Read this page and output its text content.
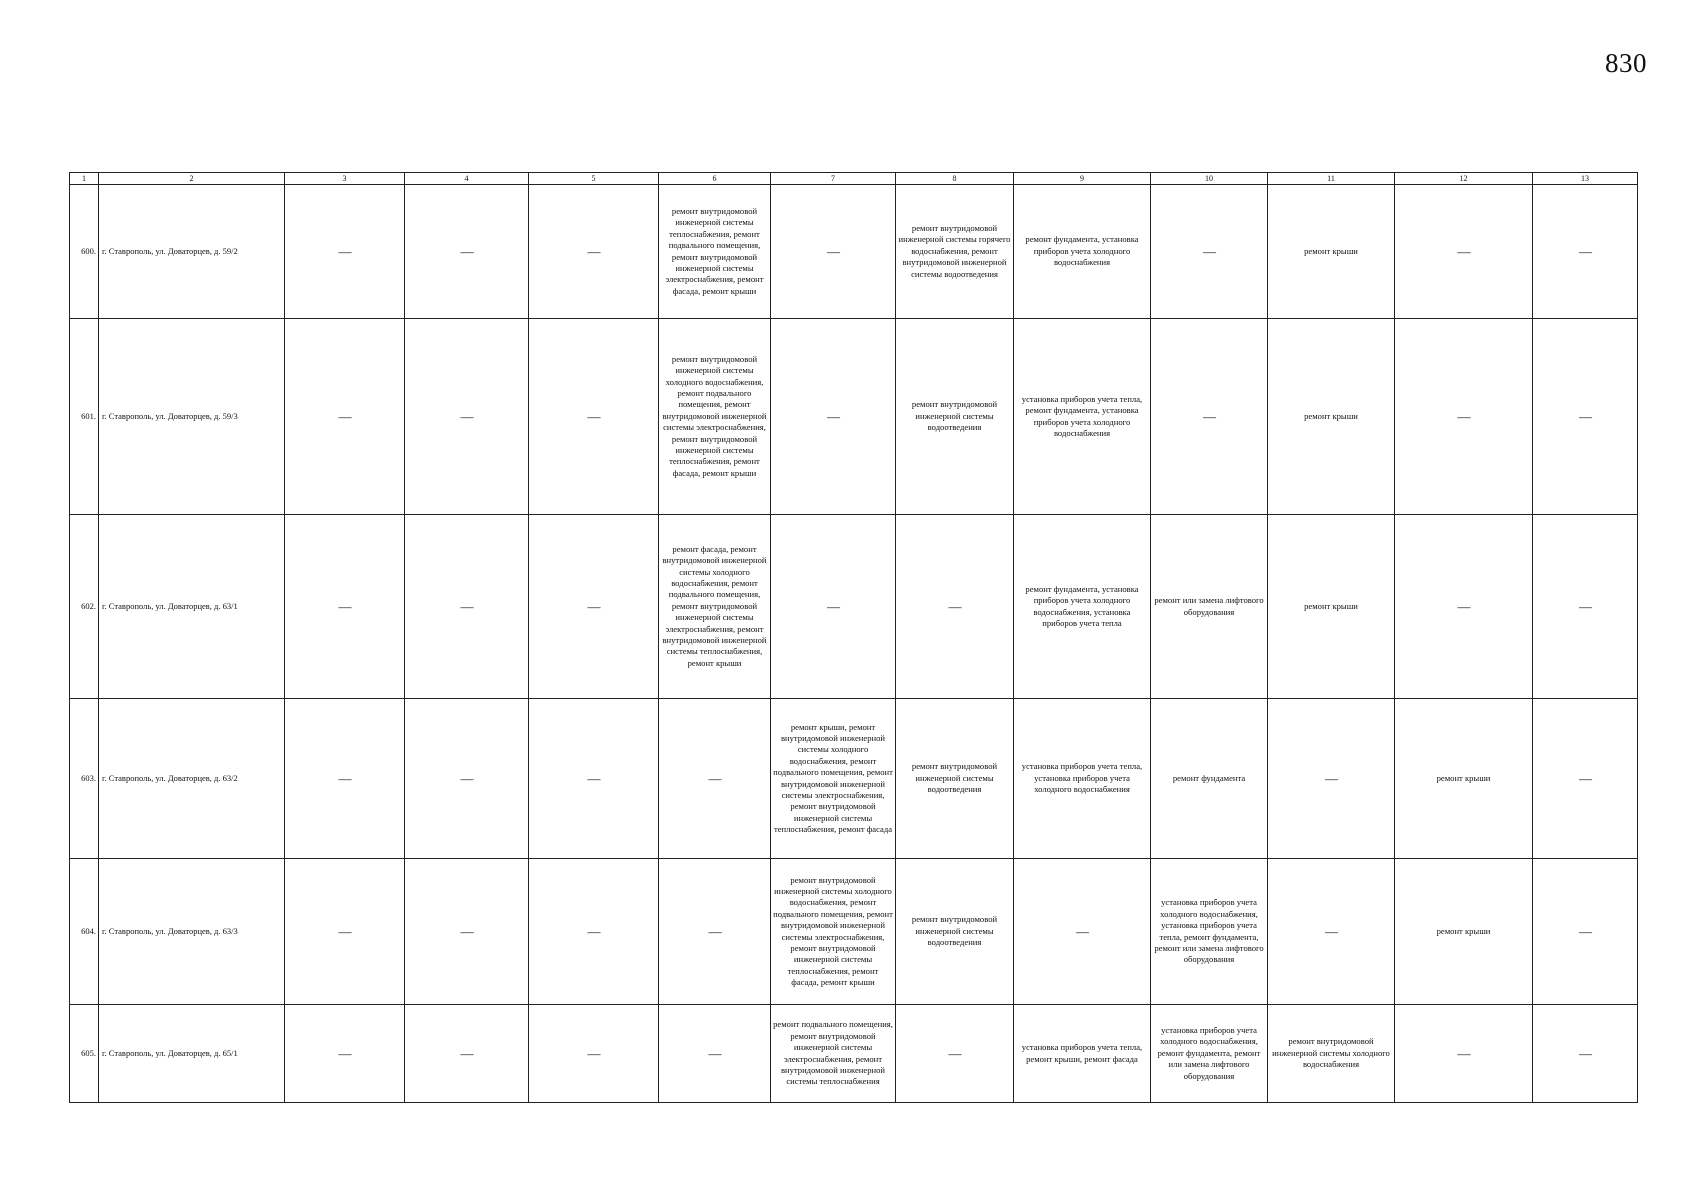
830
1	2	3	4	5	6	7	8	9	10	11	12	13
600.	г. Ставрополь, ул. Доваторцев, д. 59/2	—	—	—	ремонт внутридомовой инженерной системы теплоснабжения, ремонт подвального помещения, ремонт внутридомовой инженерной системы электроснабжения, ремонт фасада, ремонт крыши	—	ремонт внутридомовой инженерной системы горячего водоснабжения, ремонт внутридомовой инженерной системы водоотведения	ремонт фундамента, установка приборов учета холодного водоснабжения	—	ремонт крыши	—	—
601.	г. Ставрополь, ул. Доваторцев, д. 59/3	—	—	—	ремонт внутридомовой инженерной системы холодного водоснабжения, ремонт подвального помещения, ремонт внутридомовой инженерной системы электроснабжения, ремонт внутридомовой инженерной системы теплоснабжения, ремонт фасада, ремонт крыши	—	ремонт внутридомовой инженерной системы водоотведения	установка приборов учета тепла, ремонт фундамента, установка приборов учета холодного водоснабжения	—	ремонт крыши	—	—
602.	г. Ставрополь, ул. Доваторцев, д. 63/1	—	—	—	ремонт фасада, ремонт внутридомовой инженерной системы холодного водоснабжения, ремонт подвального помещения, ремонт внутридомовой инженерной системы электроснабжения, ремонт внутридомовой инженерной системы теплоснабжения, ремонт крыши	—	—	ремонт фундамента, установка приборов учета холодного водоснабжения, установка приборов учета тепла	ремонт или замена лифтового оборудования	ремонт крыши	—	—
603.	г. Ставрополь, ул. Доваторцев, д. 63/2	—	—	—	—	ремонт крыши, ремонт внутридомовой инженерной системы холодного водоснабжения, ремонт подвального помещения, ремонт внутридомовой инженерной системы электроснабжения, ремонт внутридомовой инженерной системы теплоснабжения, ремонт фасада	ремонт внутридомовой инженерной системы водоотведения	установка приборов учета тепла, установка приборов учета холодного водоснабжения	ремонт фундамента	—	ремонт крыши	—
604.	г. Ставрополь, ул. Доваторцев, д. 63/3	—	—	—	—	ремонт внутридомовой инженерной системы холодного водоснабжения, ремонт подвального помещения, ремонт внутридомовой инженерной системы электроснабжения, ремонт внутридомовой инженерной системы теплоснабжения, ремонт фасада, ремонт крыши	ремонт внутридомовой инженерной системы водоотведения	—	установка приборов учета холодного водоснабжения, установка приборов учета тепла, ремонт фундамента, ремонт или замена лифтового оборудования	—	ремонт крыши	—
605.	г. Ставрополь, ул. Доваторцев, д. 65/1	—	—	—	—	ремонт подвального помещения, ремонт внутридомовой инженерной системы электроснабжения, ремонт внутридомовой инженерной системы теплоснабжения	—	установка приборов учета тепла, ремонт крыши, ремонт фасада	установка приборов учета холодного водоснабжения, ремонт фундамента, ремонт или замена лифтового оборудования	ремонт внутридомовой инженерной системы холодного водоснабжения	—	—
